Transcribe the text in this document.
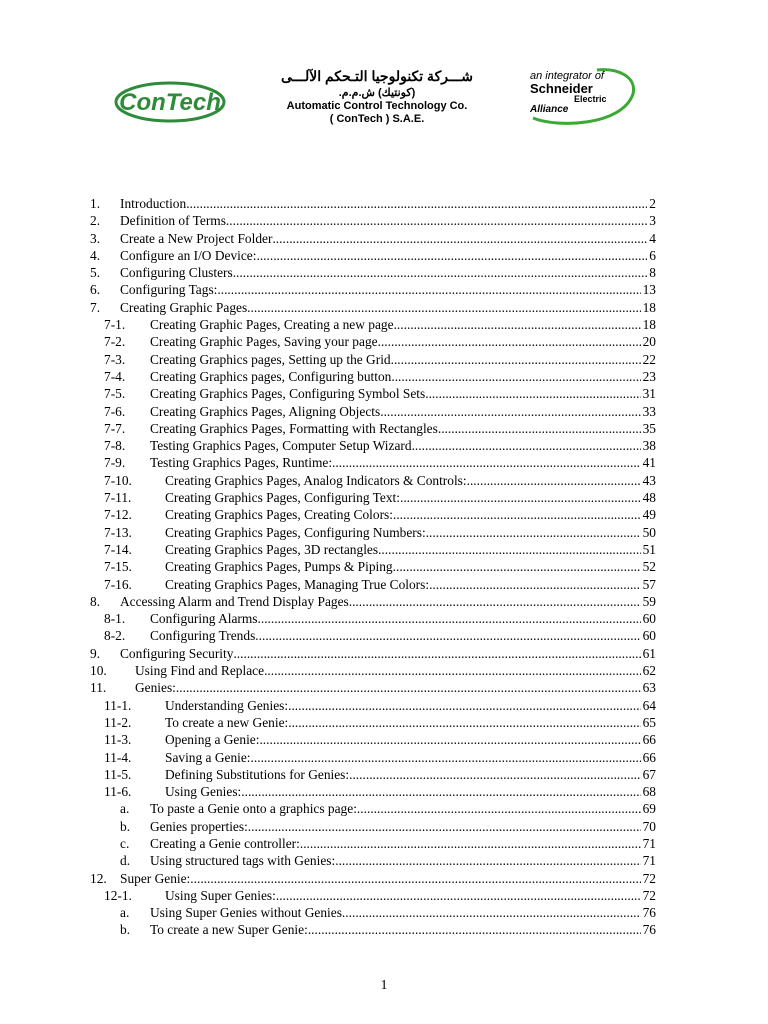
ConTech
شـــركة تكنولوجيا التـحكم الآلـــى
(كونتيك) ش.م.م.
Automatic Control Technology Co.
( ConTech ) S.A.E.
an integrator of
Schneider
Electric
Alliance
1. Introduction .....	2
2. Definition of Terms .....	3
3. Create a New Project Folder .....	4
4. Configure an I/O Device: .....	6
5. Configuring Clusters .....	8
6. Configuring Tags: .....	13
7. Creating Graphic Pages .....	18
7-1. Creating Graphic Pages, Creating a new page .....	18
7-2. Creating Graphic Pages, Saving your page .....	20
7-3. Creating Graphics pages, Setting up the Grid .....	22
7-4. Creating Graphics pages, Configuring button .....	23
7-5. Creating Graphics Pages, Configuring Symbol Sets .....	31
7-6. Creating Graphics Pages, Aligning Objects .....	33
7-7. Creating Graphics Pages, Formatting with Rectangles .....	35
7-8. Testing Graphics Pages, Computer Setup Wizard .....	38
7-9. Testing Graphics Pages, Runtime: .....	41
7-10. Creating Graphics Pages, Analog Indicators & Controls: .....	43
7-11.	Creating Graphics Pages, Configuring Text: .....	48
7-12. Creating Graphics Pages, Creating Colors: .....	49
7-13. Creating Graphics Pages, Configuring Numbers: .....	50
7-14. Creating Graphics Pages, 3D rectangles .....	51
7-15. Creating Graphics Pages, Pumps & Piping .....	52
7-16. Creating Graphics Pages, Managing True Colors: .....	57
8. Accessing Alarm and Trend Display Pages .....	59
8-1. Configuring Alarms .....	60
8-2. Configuring Trends .....	60
9. Configuring Security .....	61
10. Using Find and Replace .....	62
11. Genies: .....	63
11-1.	Understanding Genies: .....	64
11-2.	To create a new Genie: .....	65
11-3.	Opening a Genie: .....	66
11-4.	Saving a Genie: .....	66
11-5.	Defining Substitutions for Genies: .....	67
11-6.	Using Genies: .....	68
a. To paste a Genie onto a graphics page: .....	69
b. Genies properties: .....	70
c. Creating a Genie controller: .....	71
d. Using structured tags with Genies: .....	71
12. Super Genie: .....	72
12-1. Using Super Genies: .....	72
a. Using Super Genies without Genies .....	76
b. To create a new Super Genie: .....	76
1
